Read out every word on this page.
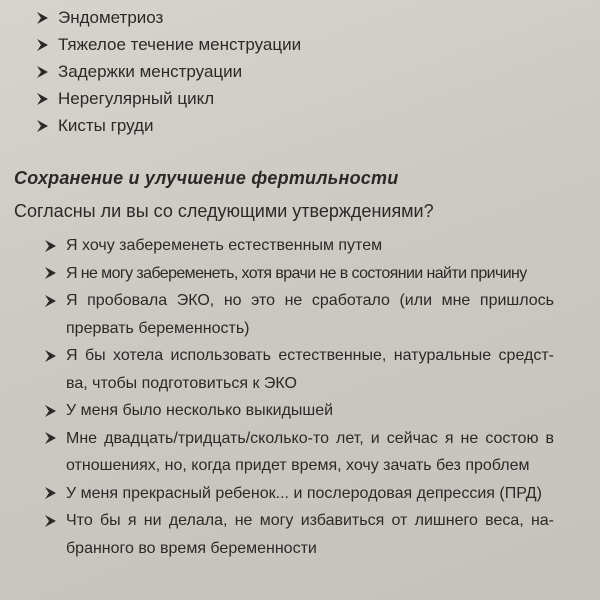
Эндометриоз
Тяжелое течение менструации
Задержки менструации
Нерегулярный цикл
Кисты груди
Сохранение и улучшение фертильности

Согласны ли вы со следующими утверждениями?

Я хочу забеременеть естественным путем
Я не могу забеременеть, хотя врачи не в состоянии найти причину
Я пробовала ЭКО, но это не сработало (или мне пришлось прервать беременность)
Я бы хотела использовать естественные, натуральные средст-ва, чтобы подготовиться к ЭКО
У меня было несколько выкидышей
Мне двадцать/тридцать/сколько-то лет, и сейчас я не состою в отношениях, но, когда придет время, хочу зачать без проблем
У меня прекрасный ребенок... и послеродовая депрессия (ПРД)
Что бы я ни делала, не могу избавиться от лишнего веса, на-бранного во время беременности
